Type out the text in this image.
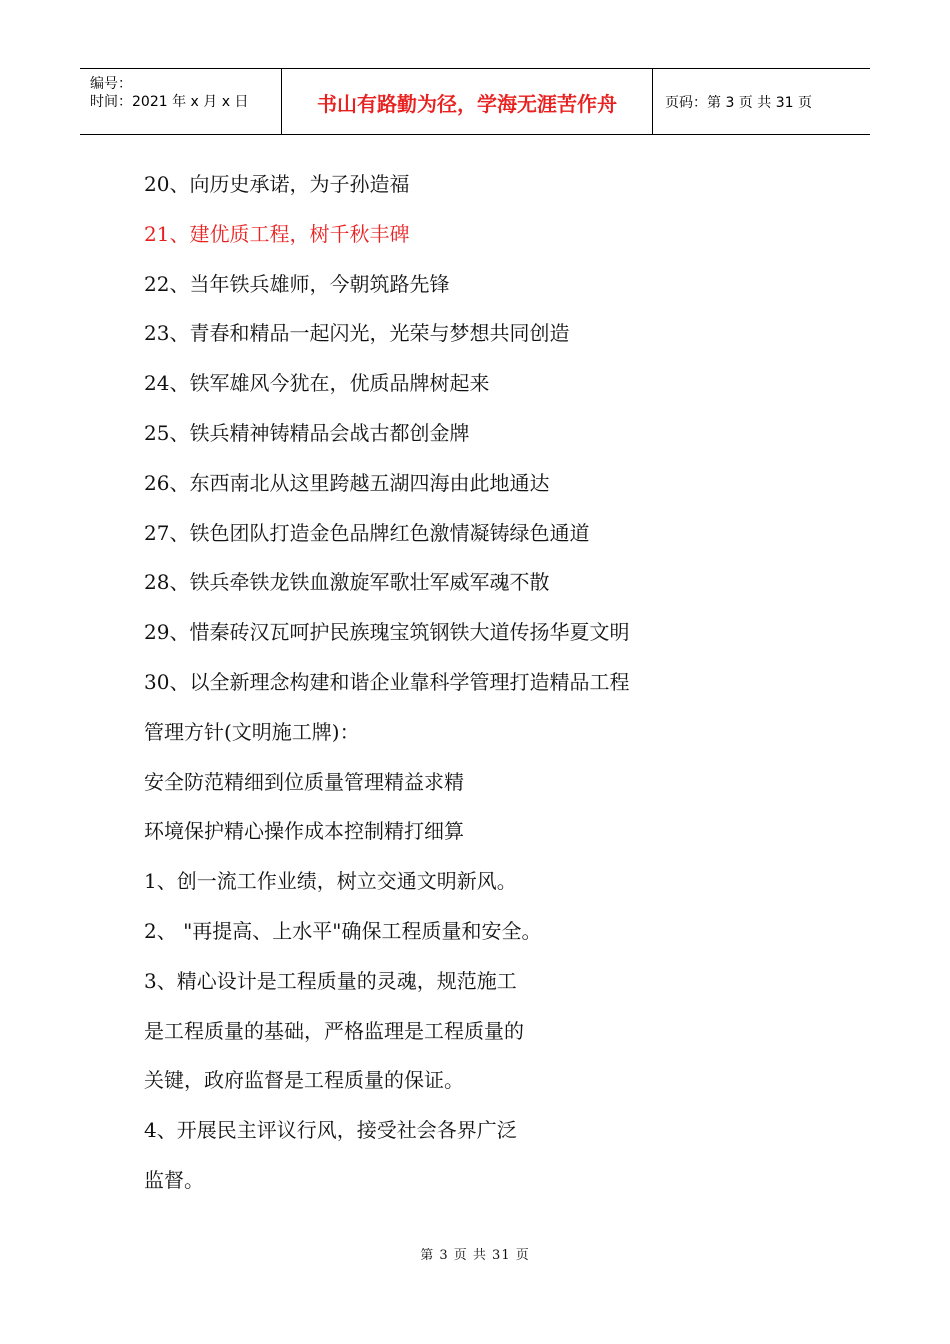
编号：
时间：2021 年 x 月 x 日	书山有路勤为径，学海无涯苦作舟	页码：第 3 页 共 31 页
20、向历史承诺，为子孙造福
21、建优质工程，树千秋丰碑
22、当年铁兵雄师，今朝筑路先锋
23、青春和精品一起闪光，光荣与梦想共同创造
24、铁军雄风今犹在，优质品牌树起来
25、铁兵精神铸精品会战古都创金牌
26、东西南北从这里跨越五湖四海由此地通达
27、铁色团队打造金色品牌红色激情凝铸绿色通道
28、铁兵牵铁龙铁血激旋军歌壮军威军魂不散
29、惜秦砖汉瓦呵护民族瑰宝筑钢铁大道传扬华夏文明
30、以全新理念构建和谐企业靠科学管理打造精品工程
管理方针(文明施工牌)：
安全防范精细到位质量管理精益求精
环境保护精心操作成本控制精打细算
1、创一流工作业绩，树立交通文明新风。
2、 "再提高、上水平"确保工程质量和安全。
3、精心设计是工程质量的灵魂，规范施工
是工程质量的基础，严格监理是工程质量的
关键，政府监督是工程质量的保证。
4、开展民主评议行风，接受社会各界广泛
监督。
第 3 页 共 31 页
